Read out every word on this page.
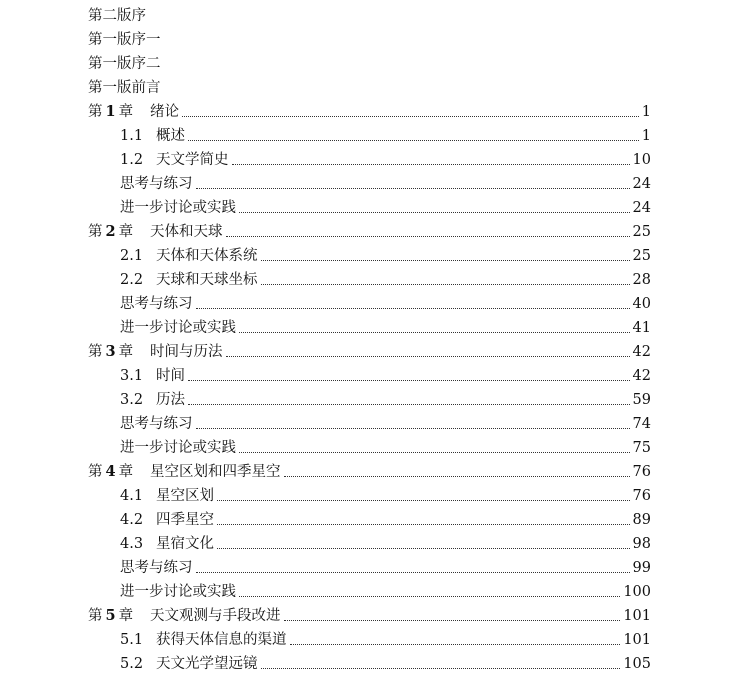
第二版序
第一版序一
第一版序二
第一版前言
第 1 章	绪论	1
1.1 概述	1
1.2 天文学简史	10
思考与练习	24
进一步讨论或实践	24
第 2 章	天体和天球	25
2.1 天体和天体系统	25
2.2 天球和天球坐标	28
思考与练习	40
进一步讨论或实践	41
第 3 章	时间与历法	42
3.1 时间	42
3.2 历法	59
思考与练习	74
进一步讨论或实践	75
第 4 章	星空区划和四季星空	76
4.1 星空区划	76
4.2 四季星空	89
4.3 星宿文化	98
思考与练习	99
进一步讨论或实践	100
第 5 章	天文观测与手段改进	101
5.1 获得天体信息的渠道	101
5.2 天文光学望远镜	105
